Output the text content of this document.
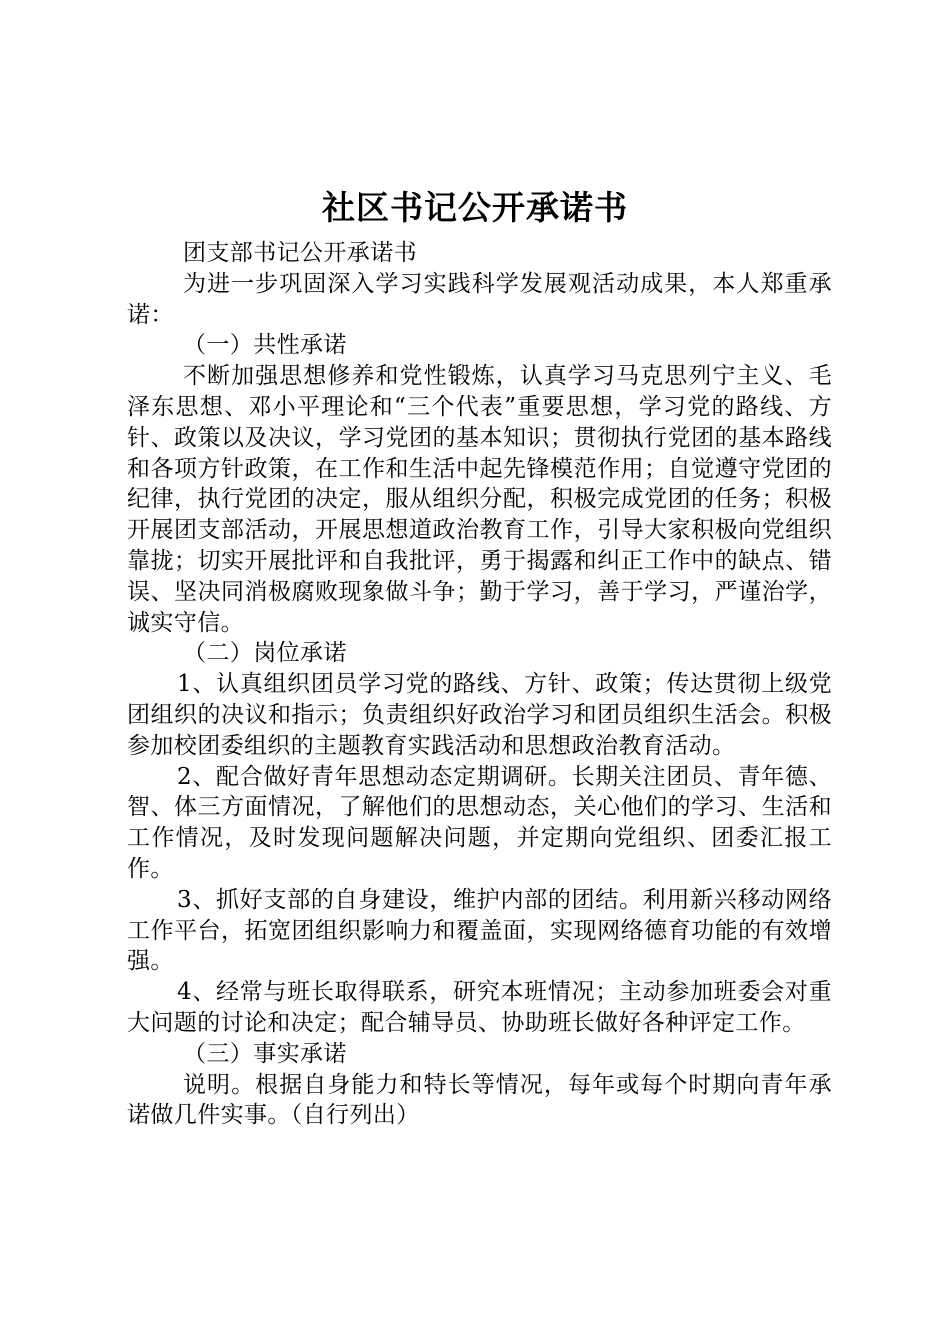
社区书记公开承诺书

团支部书记公开承诺书

为进一步巩固深入学习实践科学发展观活动成果，本人郑重承诺：

（一）共性承诺

不断加强思想修养和党性锻炼，认真学习马克思列宁主义、毛泽东思想、邓小平理论和“三个代表”重要思想，学习党的路线、方针、政策以及决议，学习党团的基本知识；贯彻执行党团的基本路线和各项方针政策，在工作和生活中起先锋模范作用；自觉遵守党团的纪律，执行党团的决定，服从组织分配，积极完成党团的任务；积极开展团支部活动，开展思想道政治教育工作，引导大家积极向党组织靠拢；切实开展批评和自我批评，勇于揭露和纠正工作中的缺点、错误、坚决同消极腐败现象做斗争；勤于学习，善于学习，严谨治学，诚实守信。

（二）岗位承诺

1、认真组织团员学习党的路线、方针、政策；传达贯彻上级党团组织的决议和指示；负责组织好政治学习和团员组织生活会。积极参加校团委组织的主题教育实践活动和思想政治教育活动。

2、配合做好青年思想动态定期调研。长期关注团员、青年德、智、体三方面情况，了解他们的思想动态，关心他们的学习、生活和工作情况，及时发现问题解决问题，并定期向党组织、团委汇报工作。

3、抓好支部的自身建设，维护内部的团结。利用新兴移动网络工作平台，拓宽团组织影响力和覆盖面，实现网络德育功能的有效增强。

4、经常与班长取得联系，研究本班情况；主动参加班委会对重大问题的讨论和决定；配合辅导员、协助班长做好各种评定工作。

（三）事实承诺

说明。根据自身能力和特长等情况，每年或每个时期向青年承诺做几件实事。（自行列出）
